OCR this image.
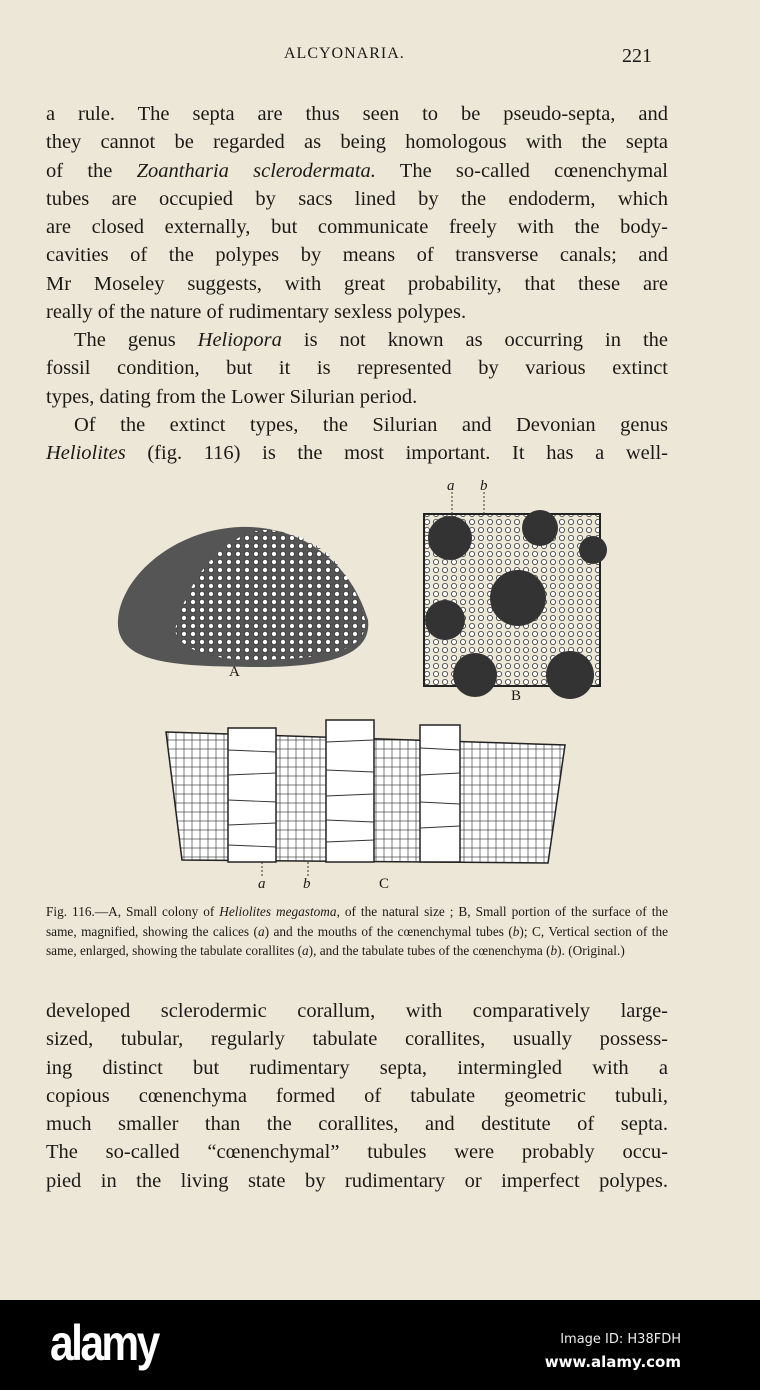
ALCYONARIA.	221
a rule. The septa are thus seen to be pseudo-septa, and
they cannot be regarded as being homologous with the septa
of the Zoantharia sclerodermata. The so-called cœnenchymal
tubes are occupied by sacs lined by the endoderm, which
are closed externally, but communicate freely with the body-
cavities of the polypes by means of transverse canals; and
Mr Moseley suggests, with great probability, that these are
really of the nature of rudimentary sexless polypes.
The genus Heliopora is not known as occurring in the
fossil condition, but it is represented by various extinct
types, dating from the Lower Silurian period.
Of the extinct types, the Silurian and Devonian genus
Heliolites (fig. 116) is the most important. It has a well-
A
B
C
a b
a	b
Fig. 116.—A, Small colony of Heliolites megastoma, of the natural size ; B, Small portion of the surface of the same, magnified, showing the calices (a) and the mouths of the cœnenchymal tubes (b); C, Vertical section of the same, enlarged, showing the tabulate corallites (a), and the tabulate tubes of the cœnenchyma (b). (Original.)
developed sclerodermic corallum, with comparatively large-
sized, tubular, regularly tabulate corallites, usually possess-
ing distinct but rudimentary septa, intermingled with a
copious cœnenchyma formed of tabulate geometric tubuli,
much smaller than the corallites, and destitute of septa.
The so-called “cœnenchymal” tubules were probably occu-
pied in the living state by rudimentary or imperfect polypes.
alamy	Image ID: H38FDH
www.alamy.com
